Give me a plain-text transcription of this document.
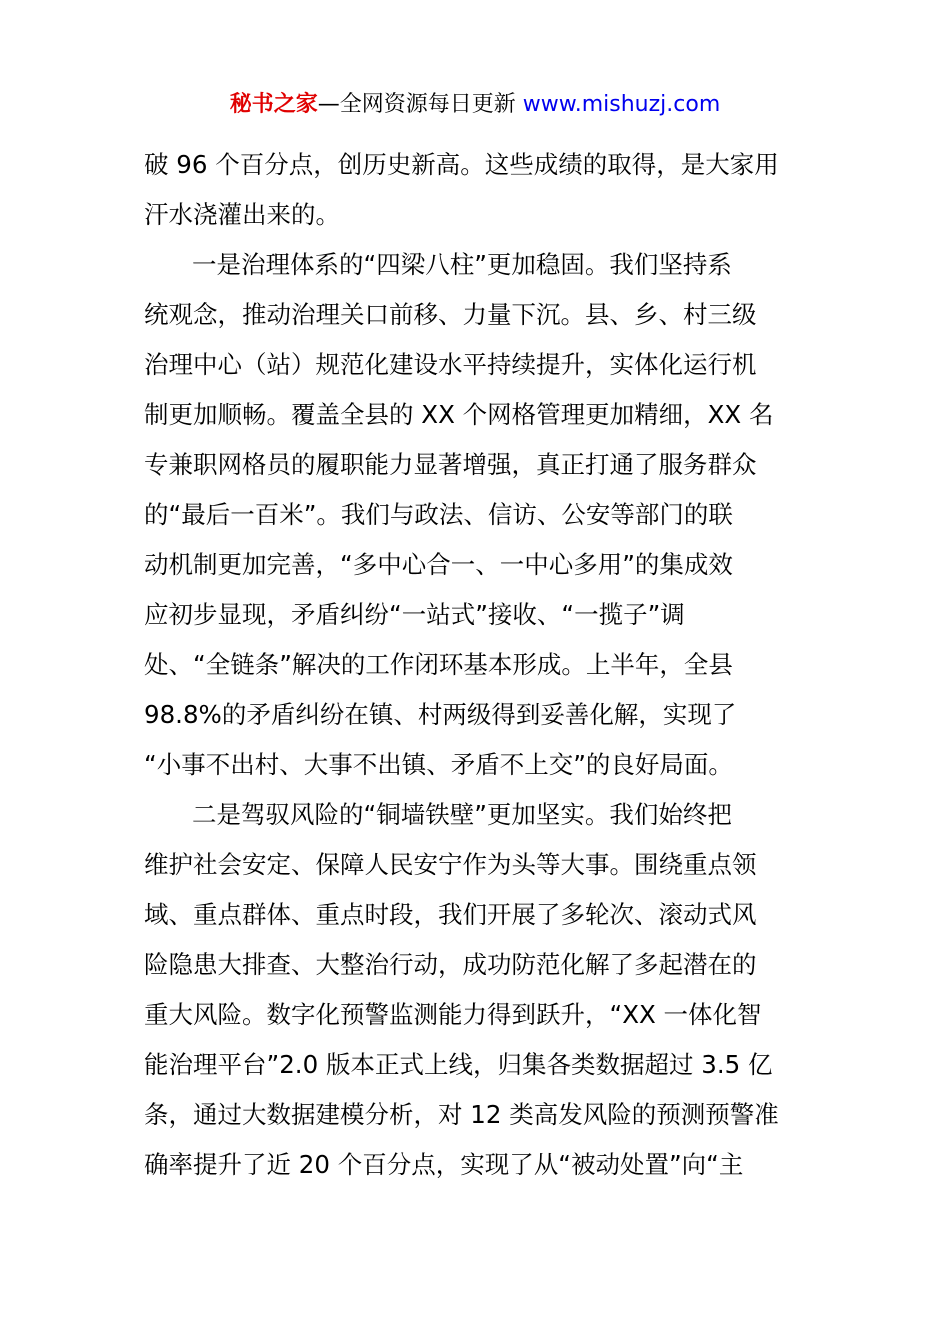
秘书之家—全网资源每日更新 www.mishuzj.com
破 96 个百分点，创历史新高。这些成绩的取得，是大家用
汗水浇灌出来的。
一是治理体系的“四梁八柱”更加稳固。我们坚持系
统观念，推动治理关口前移、力量下沉。县、乡、村三级
治理中心（站）规范化建设水平持续提升，实体化运行机
制更加顺畅。覆盖全县的 XX 个网格管理更加精细，XX 名
专兼职网格员的履职能力显著增强，真正打通了服务群众
的“最后一百米”。我们与政法、信访、公安等部门的联
动机制更加完善，“多中心合一、一中心多用”的集成效
应初步显现，矛盾纠纷“一站式”接收、“一揽子”调
处、“全链条”解决的工作闭环基本形成。上半年，全县
98.8%的矛盾纠纷在镇、村两级得到妥善化解，实现了
“小事不出村、大事不出镇、矛盾不上交”的良好局面。
二是驾驭风险的“铜墙铁壁”更加坚实。我们始终把
维护社会安定、保障人民安宁作为头等大事。围绕重点领
域、重点群体、重点时段，我们开展了多轮次、滚动式风
险隐患大排查、大整治行动，成功防范化解了多起潜在的
重大风险。数字化预警监测能力得到跃升，“XX 一体化智
能治理平台”2.0 版本正式上线，归集各类数据超过 3.5 亿
条，通过大数据建模分析，对 12 类高发风险的预测预警准
确率提升了近 20 个百分点，实现了从“被动处置”向“主
